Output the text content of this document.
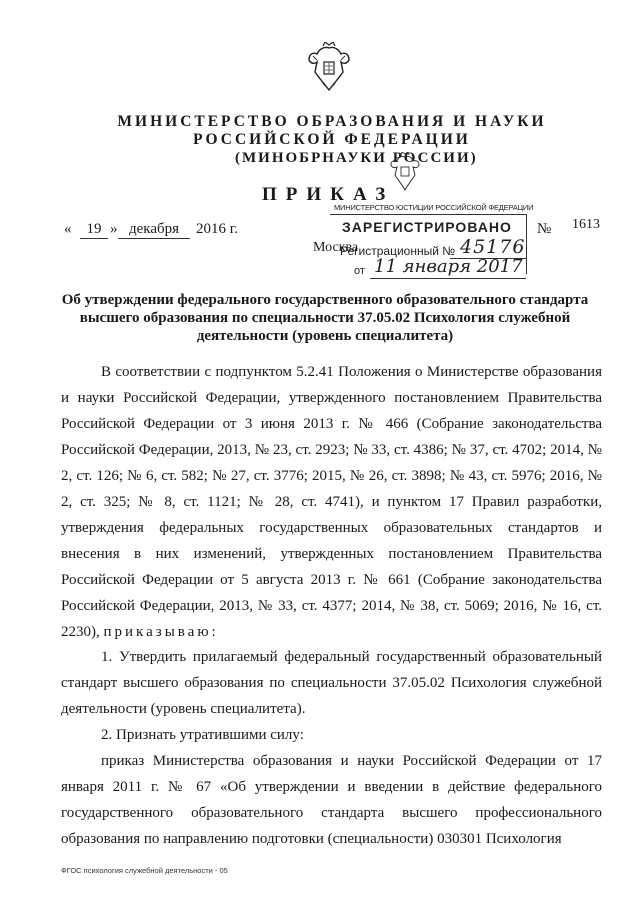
МИНИСТЕРСТВО ОБРАЗОВАНИЯ И НАУКИ
РОССИЙСКОЙ ФЕДЕРАЦИИ
(МИНОБРНАУКИ РОССИИ)
ПРИКАЗ
«	19 » декабря	2016 г.	№ 1613
Москва
МИНИСТЕРСТВО ЮСТИЦИИ РОССИЙСКОЙ ФЕДЕРАЦИИ
ЗАРЕГИСТРИРОВАНО
Регистрационный № 45176
от 11 января 2017
Об утверждении федерального государственного образовательного стандарта высшего образования по специальности 37.05.02 Психология служебной деятельности (уровень специалитета)
В соответствии с подпунктом 5.2.41 Положения о Министерстве образования и науки Российской Федерации, утвержденного постановлением Правительства Российской Федерации от 3 июня 2013 г. № 466 (Собрание законодательства Российской Федерации, 2013, № 23, ст. 2923; № 33, ст. 4386; № 37, ст. 4702; 2014, № 2, ст. 126; № 6, ст. 582; № 27, ст. 3776; 2015, № 26, ст. 3898; № 43, ст. 5976; 2016, № 2, ст. 325; № 8, ст. 1121; № 28, ст. 4741), и пунктом 17 Правил разработки, утверждения федеральных государственных образовательных стандартов и внесения в них изменений, утвержденных постановлением Правительства Российской Федерации от 5 августа 2013 г. № 661 (Собрание законодательства Российской Федерации, 2013, № 33, ст. 4377; 2014, № 38, ст. 5069; 2016, № 16, ст. 2230), приказываю:
1. Утвердить прилагаемый федеральный государственный образовательный стандарт высшего образования по специальности 37.05.02 Психология служебной деятельности (уровень специалитета).
2. Признать утратившими силу:
приказ Министерства образования и науки Российской Федерации от 17 января 2011 г. № 67 «Об утверждении и введении в действие федерального государственного образовательного стандарта высшего профессионального образования по направлению подготовки (специальности) 030301 Психология
ФГОС психология служебной деятельности - 05
